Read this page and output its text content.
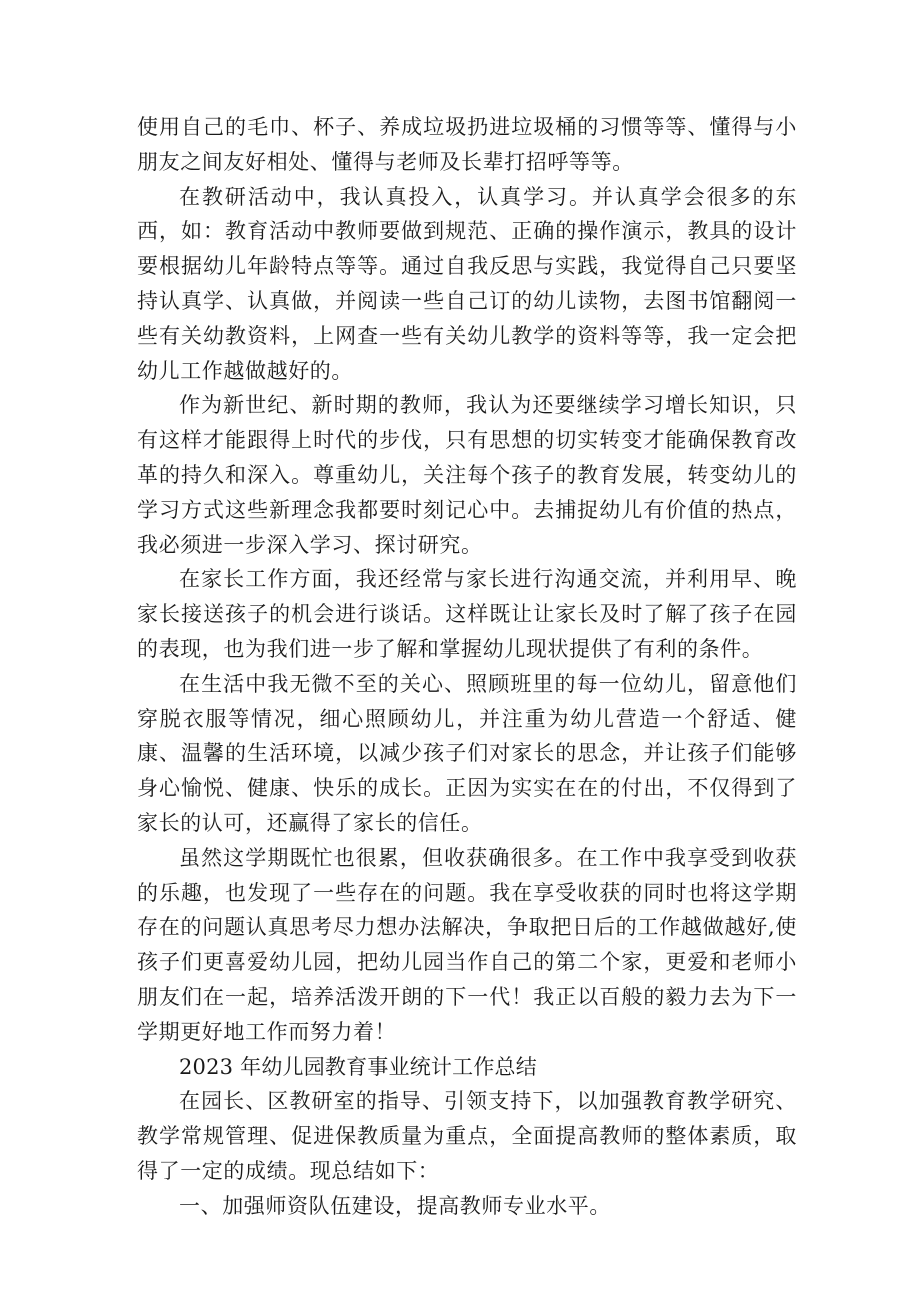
使用自己的毛巾、杯子、养成垃圾扔进垃圾桶的习惯等等、懂得与小朋友之间友好相处、懂得与老师及长辈打招呼等等。

在教研活动中，我认真投入，认真学习。并认真学会很多的东西，如：教育活动中教师要做到规范、正确的操作演示，教具的设计要根据幼儿年龄特点等等。通过自我反思与实践，我觉得自己只要坚持认真学、认真做，并阅读一些自己订的幼儿读物，去图书馆翻阅一些有关幼教资料，上网查一些有关幼儿教学的资料等等，我一定会把幼儿工作越做越好的。

作为新世纪、新时期的教师，我认为还要继续学习增长知识，只有这样才能跟得上时代的步伐，只有思想的切实转变才能确保教育改革的持久和深入。尊重幼儿，关注每个孩子的教育发展，转变幼儿的学习方式这些新理念我都要时刻记心中。去捕捉幼儿有价值的热点，我必须进一步深入学习、探讨研究。

在家长工作方面，我还经常与家长进行沟通交流，并利用早、晚家长接送孩子的机会进行谈话。这样既让让家长及时了解了孩子在园的表现，也为我们进一步了解和掌握幼儿现状提供了有利的条件。

在生活中我无微不至的关心、照顾班里的每一位幼儿，留意他们穿脱衣服等情况，细心照顾幼儿，并注重为幼儿营造一个舒适、健康、温馨的生活环境，以减少孩子们对家长的思念，并让孩子们能够身心愉悦、健康、快乐的成长。正因为实实在在的付出，不仅得到了家长的认可，还赢得了家长的信任。

虽然这学期既忙也很累，但收获确很多。在工作中我享受到收获的乐趣，也发现了一些存在的问题。我在享受收获的同时也将这学期存在的问题认真思考尽力想办法解决，争取把日后的工作越做越好,使孩子们更喜爱幼儿园，把幼儿园当作自己的第二个家，更爱和老师小朋友们在一起，培养活泼开朗的下一代！我正以百般的毅力去为下一学期更好地工作而努力着！

2023 年幼儿园教育事业统计工作总结

在园长、区教研室的指导、引领支持下，以加强教育教学研究、教学常规管理、促进保教质量为重点，全面提高教师的整体素质，取得了一定的成绩。现总结如下：

一、加强师资队伍建设，提高教师专业水平。
